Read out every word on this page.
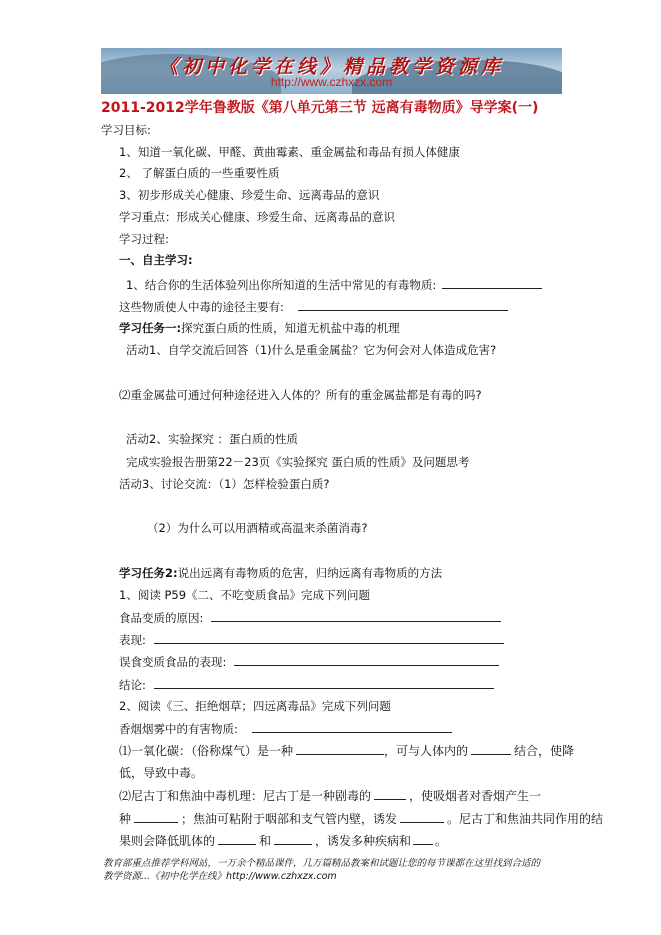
《初中化学在线》精品教学资源库
http://www.czhxzx.com
2011-2012学年鲁教版《第八单元第三节 远离有毒物质》导学案(一)
学习目标:
1、知道一氧化碳、甲醛、黄曲霉素、重金属盐和毒品有损人体健康
2、 了解蛋白质的一些重要性质
3、初步形成关心健康、珍爱生命、远离毒品的意识
学习重点：形成关心健康、珍爱生命、远离毒品的意识
学习过程:
一、自主学习:
1、结合你的生活体验列出你所知道的生活中常见的有毒物质:
这些物质使人中毒的途径主要有:
学习任务一:探究蛋白质的性质，知道无机盐中毒的机理
活动1、自学交流后回答（1)什么是重金属盐？它为何会对人体造成危害?
⑵重金属盐可通过何种途径进入人体的？所有的重金属盐都是有毒的吗?
活动2、实验探究 ：蛋白质的性质
完成实验报告册第22－23页《实验探究 蛋白质的性质》及问题思考
活动3、讨论交流：（1）怎样检验蛋白质?
（2）为什么可以用酒精或高温来杀菌消毒?
学习任务2:说出远离有毒物质的危害，归纳远离有毒物质的方法
1、阅读 P59《二、不吃变质食品》完成下列问题
食品变质的原因:
表现:
误食变质食品的表现:
结论:
2、阅读《三、拒绝烟草；四远离毒品》完成下列问题
香烟烟雾中的有害物质:
⑴一氧化碳：（俗称煤气）是一种	，可与人体内的	结合，使降
低，导致中毒。
⑵尼古丁和焦油中毒机理：尼古丁是一种剧毒的	，使吸烟者对香烟产生一
种	；焦油可粘附于咽部和支气管内壁，诱发	。尼古丁和焦油共同作用的结
果则会降低肌体的	和	，诱发多种疾病和 。
教育部重点推荐学科网站，一万余个精品课件，几万篇精品教案和试题让您的每节课都在这里找到合适的
教学资源...《初中化学在线》http://www.czhxzx.com
